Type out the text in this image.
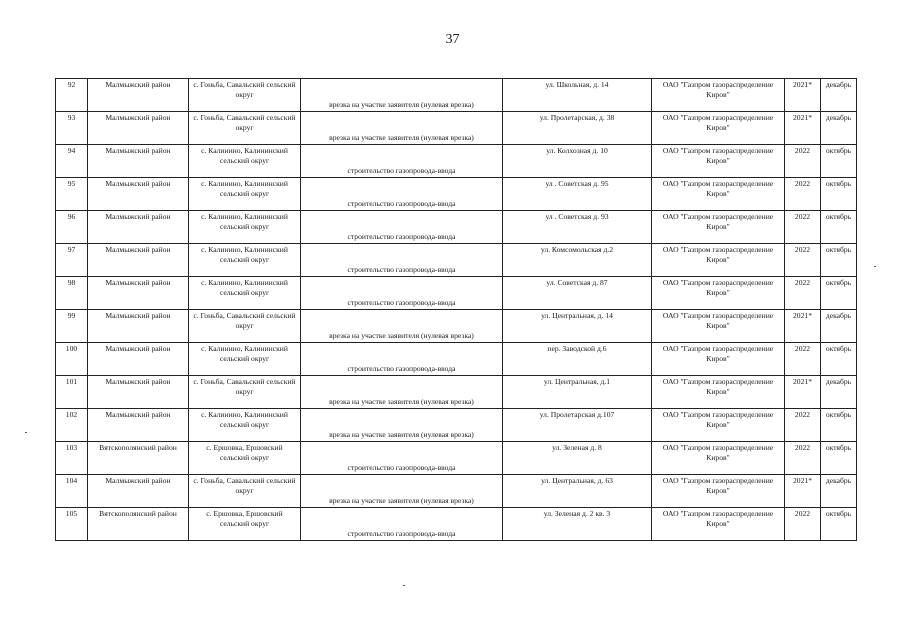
37
92	Малмыжский район	с. Гоньба, Савальский сельский округ	врезка на участке заявителя (нулевая врезка)	ул. Школьная, д. 14	ОАО "Газпром газораспределение Киров"	2021*	декабрь
93	Малмыжский район	с. Гоньба, Савальский сельский округ	врезка на участке заявителя (нулевая врезка)	ул. Пролетарская, д. 38	ОАО "Газпром газораспределение Киров"	2021*	декабрь
94	Малмыжский район	с. Калинино, Калининский сельский округ	строительство газопровода-ввода	ул. Колхозная д. 10	ОАО "Газпром газораспределение Киров"	2022	октябрь
95	Малмыжский район	с. Калинино, Калининский сельский округ	строительство газопровода-ввода	ул . Советская д. 95	ОАО "Газпром газораспределение Киров"	2022	октябрь
96	Малмыжский район	с. Калинино, Калининский сельский округ	строительство газопровода-ввода	ул . Советская д. 93	ОАО "Газпром газораспределение Киров"	2022	октябрь
97	Малмыжский район	с. Калинино, Калининский сельский округ	строительство газопровода-ввода	ул. Комсомольская д.2	ОАО "Газпром газораспределение Киров"	2022	октябрь
98	Малмыжский район	с. Калинино, Калининский сельский округ	строительство газопровода-ввода	ул. Советская д. 87	ОАО "Газпром газораспределение Киров"	2022	октябрь
99	Малмыжский район	с. Гоньба, Савальский сельский округ	врезка на участке заявителя (нулевая врезка)	ул. Центральная, д. 14	ОАО "Газпром газораспределение Киров"	2021*	декабрь
100	Малмыжский район	с. Калинино, Калининский сельский округ	строительство газопровода-ввода	пер. Заводской д.6	ОАО "Газпром газораспределение Киров"	2022	октябрь
101	Малмыжский район	с. Гоньба, Савальский сельский округ	врезка на участке заявителя (нулевая врезка)	ул. Центральная, д.1	ОАО "Газпром газораспределение Киров"	2021*	декабрь
102	Малмыжский район	с. Калинино, Калининский сельский округ	врезка на участке заявителя (нулевая врезка)	ул. Пролетарская д.107	ОАО "Газпром газораспределение Киров"	2022	октябрь
103	Вятскополянский район	с. Ершовка, Ершовский сельский округ	строительство газопровода-ввода	ул. Зеленая д. 8	ОАО "Газпром газораспределение Киров"	2022	октябрь
104	Малмыжский район	с. Гоньба, Савальский сельский округ	врезка на участке заявителя (нулевая врезка)	ул. Центральная, д. 63	ОАО "Газпром газораспределение Киров"	2021*	декабрь
105	Вятскополянский район	с. Ершовка, Ершовский сельский округ	строительство газопровода-ввода	ул. Зеленая д. 2 кв. 3	ОАО "Газпром газораспределение Киров"	2022	октябрь
